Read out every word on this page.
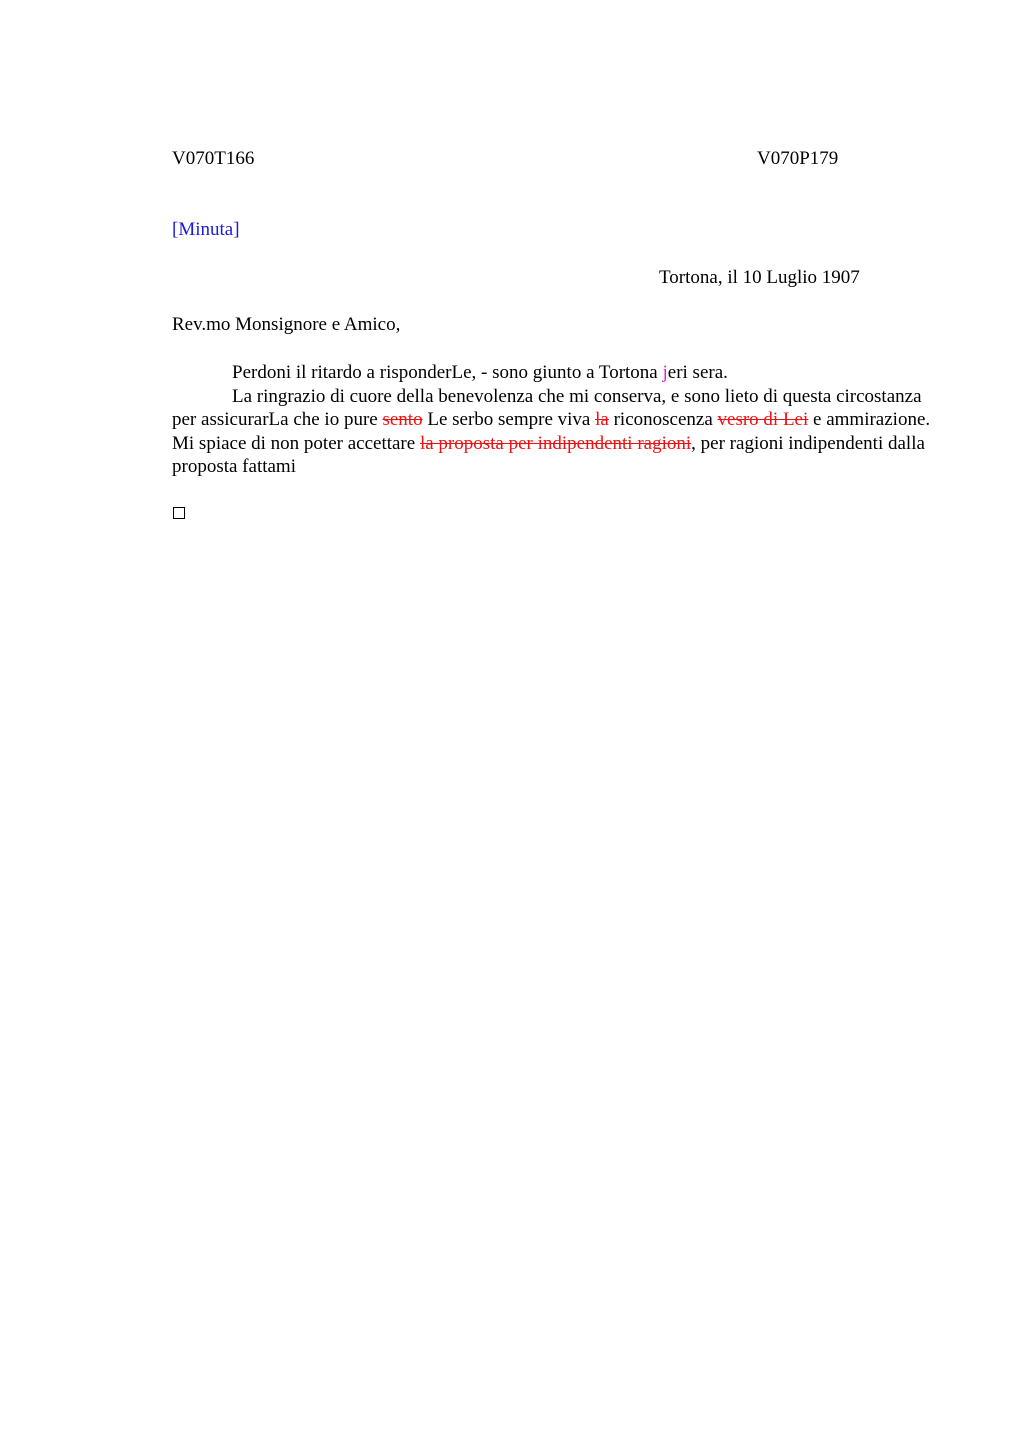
V070T166	V070P179
[Minuta]
Tortona, il 10 Luglio 1907
Rev.mo Monsignore e Amico,

Perdoni il ritardo a risponderLe, - sono giunto a Tortona jeri sera.

La ringrazio di cuore della benevolenza che mi conserva, e sono lieto di questa circostanza per assicurarLa che io pure sento Le serbo sempre viva la riconoscenza vesro di Lei e ammirazione. Mi spiace di non poter accettare la proposta per indipendenti ragioni, per ragioni indipendenti dalla proposta fattami
